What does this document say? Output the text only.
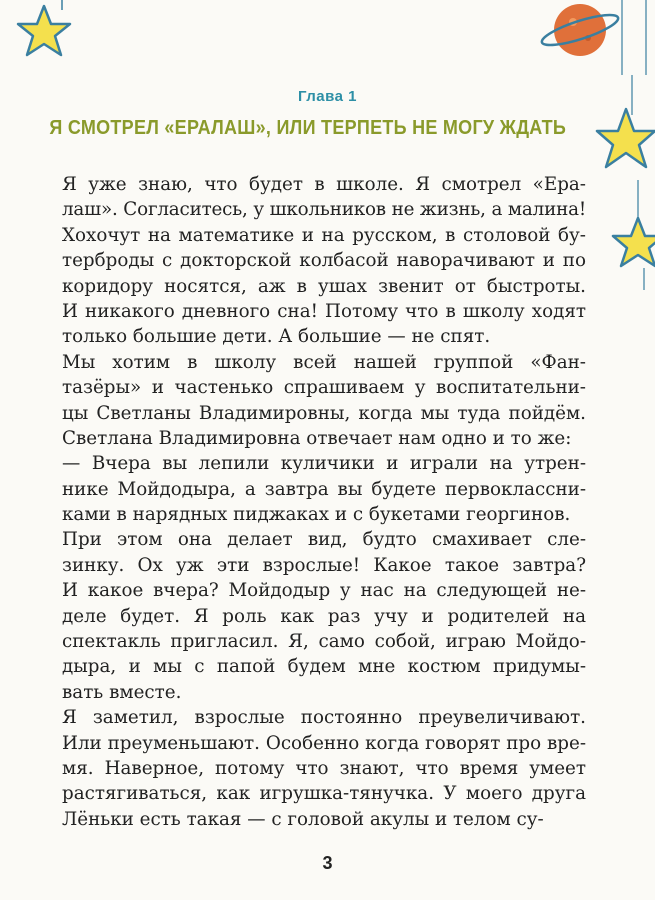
Глава 1
Я СМОТРЕЛ «ЕРАЛАШ», ИЛИ ТЕРПЕТЬ НЕ МОГУ ЖДАТЬ
Я уже знаю, что будет в школе. Я смотрел «Ера-
лаш». Согласитесь, у школьников не жизнь, а малина!
Хохочут на математике и на русском, в столовой бу-
терброды с докторской колбасой наворачивают и по
коридору носятся, аж в ушах звенит от быстроты.
И никакого дневного сна! Потому что в школу ходят
только большие дети. А большие — не спят.
Мы хотим в школу всей нашей группой «Фан-
тазёры» и частенько спрашиваем у воспитательни-
цы Светланы Владимировны, когда мы туда пойдём.
Светлана Владимировна отвечает нам одно и то же:
— Вчера вы лепили куличики и играли на утрен-
нике Мойдодыра, а завтра вы будете первоклассни-
ками в нарядных пиджаках и с букетами георгинов.
При этом она делает вид, будто смахивает сле-
зинку. Ох уж эти взрослые! Какое такое завтра?
И какое вчера? Мойдодыр у нас на следующей не-
деле будет. Я роль как раз учу и родителей на
спектакль пригласил. Я, само собой, играю Мойдо-
дыра, и мы с папой будем мне костюм придумы-
вать вместе.
Я заметил, взрослые постоянно преувеличивают.
Или преуменьшают. Особенно когда говорят про вре-
мя. Наверное, потому что знают, что время умеет
растягиваться, как игрушка-тянучка. У моего друга
Лёньки есть такая — с головой акулы и телом су-
3
